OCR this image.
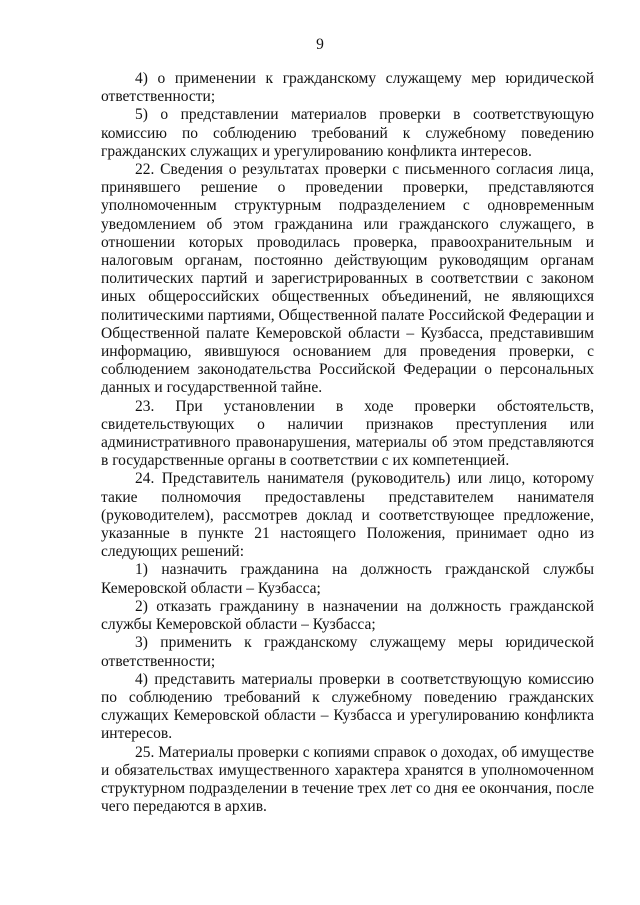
9

4) о применении к гражданскому служащему мер юридической ответственности;

5) о представлении материалов проверки в соответствующую комиссию по соблюдению требований к служебному поведению гражданских служащих и урегулированию конфликта интересов.

22. Сведения о результатах проверки с письменного согласия лица, принявшего решение о проведении проверки, представляются уполномоченным структурным подразделением с одновременным уведомлением об этом гражданина или гражданского служащего, в отношении которых проводилась проверка, правоохранительным и налоговым органам, постоянно действующим руководящим органам политических партий и зарегистрированных в соответствии с законом иных общероссийских общественных объединений, не являющихся политическими партиями, Общественной палате Российской Федерации и Общественной палате Кемеровской области – Кузбасса, представившим информацию, явившуюся основанием для проведения проверки, с соблюдением законодательства Российской Федерации о персональных данных и государственной тайне.

23. При установлении в ходе проверки обстоятельств, свидетельствующих о наличии признаков преступления или административного правонарушения, материалы об этом представляются в государственные органы в соответствии с их компетенцией.

24. Представитель нанимателя (руководитель) или лицо, которому такие полномочия предоставлены представителем нанимателя (руководителем), рассмотрев доклад и соответствующее предложение, указанные в пункте 21 настоящего Положения, принимает одно из следующих решений:

1) назначить гражданина на должность гражданской службы Кемеровской области – Кузбасса;

2) отказать гражданину в назначении на должность гражданской службы Кемеровской области – Кузбасса;

3) применить к гражданскому служащему меры юридической ответственности;

4) представить материалы проверки в соответствующую комиссию по соблюдению требований к служебному поведению гражданских служащих Кемеровской области – Кузбасса и урегулированию конфликта интересов.

25. Материалы проверки с копиями справок о доходах, об имуществе и обязательствах имущественного характера хранятся в уполномоченном структурном подразделении в течение трех лет со дня ее окончания, после чего передаются в архив.
